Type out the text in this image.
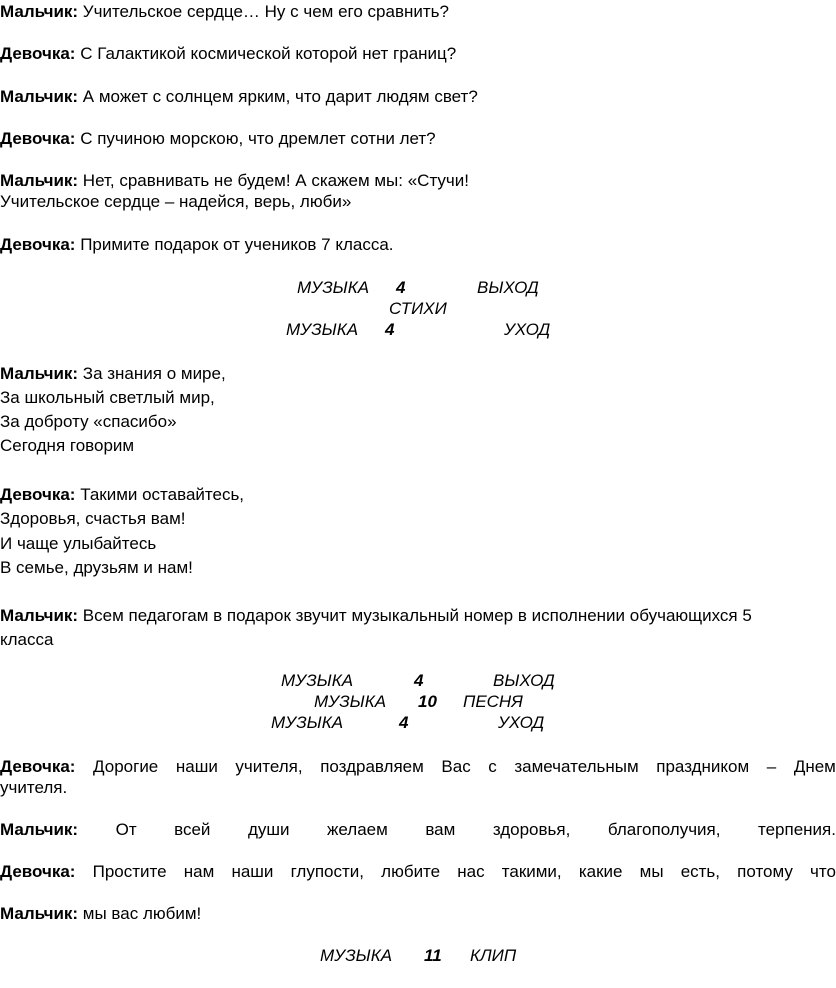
Мальчик: Учительское сердце… Ну с чем его сравнить?
Девочка: С Галактикой космической которой нет границ?
Мальчик: А может с солнцем ярким, что дарит людям свет?
Девочка: С пучиною морскою, что дремлет сотни лет?
Мальчик: Нет, сравнивать не будем! А скажем мы: «Стучи!
Учительское сердце – надейся, верь, люби»
Девочка: Примите подарок от учеников 7 класса.
МУЗЫКА 4	ВЫХОД
СТИХИ
МУЗЫКА 4	УХОД
Мальчик: За знания о мире,
За школьный светлый мир,
За доброту «спасибо»
Сегодня говорим
Девочка: Такими оставайтесь,
Здоровья, счастья вам!
И чаще улыбайтесь
В семье, друзьям и нам!
Мальчик: Всем педагогам в подарок звучит музыкальный номер в исполнении обучающихся 5
класса
МУЗЫКА	4	ВЫХОД
МУЗЫКА 10 ПЕСНЯ
МУЗЫКА	4	УХОД
Девочка: Дорогие наши учителя, поздравляем Вас с замечательным праздником – Днем
учителя.
Мальчик: От всей души желаем вам здоровья, благополучия, терпения.
Девочка: Простите нам наши глупости, любите нас такими, какие мы есть, потому что
Мальчик: мы вас любим!
МУЗЫКА 11 КЛИП
